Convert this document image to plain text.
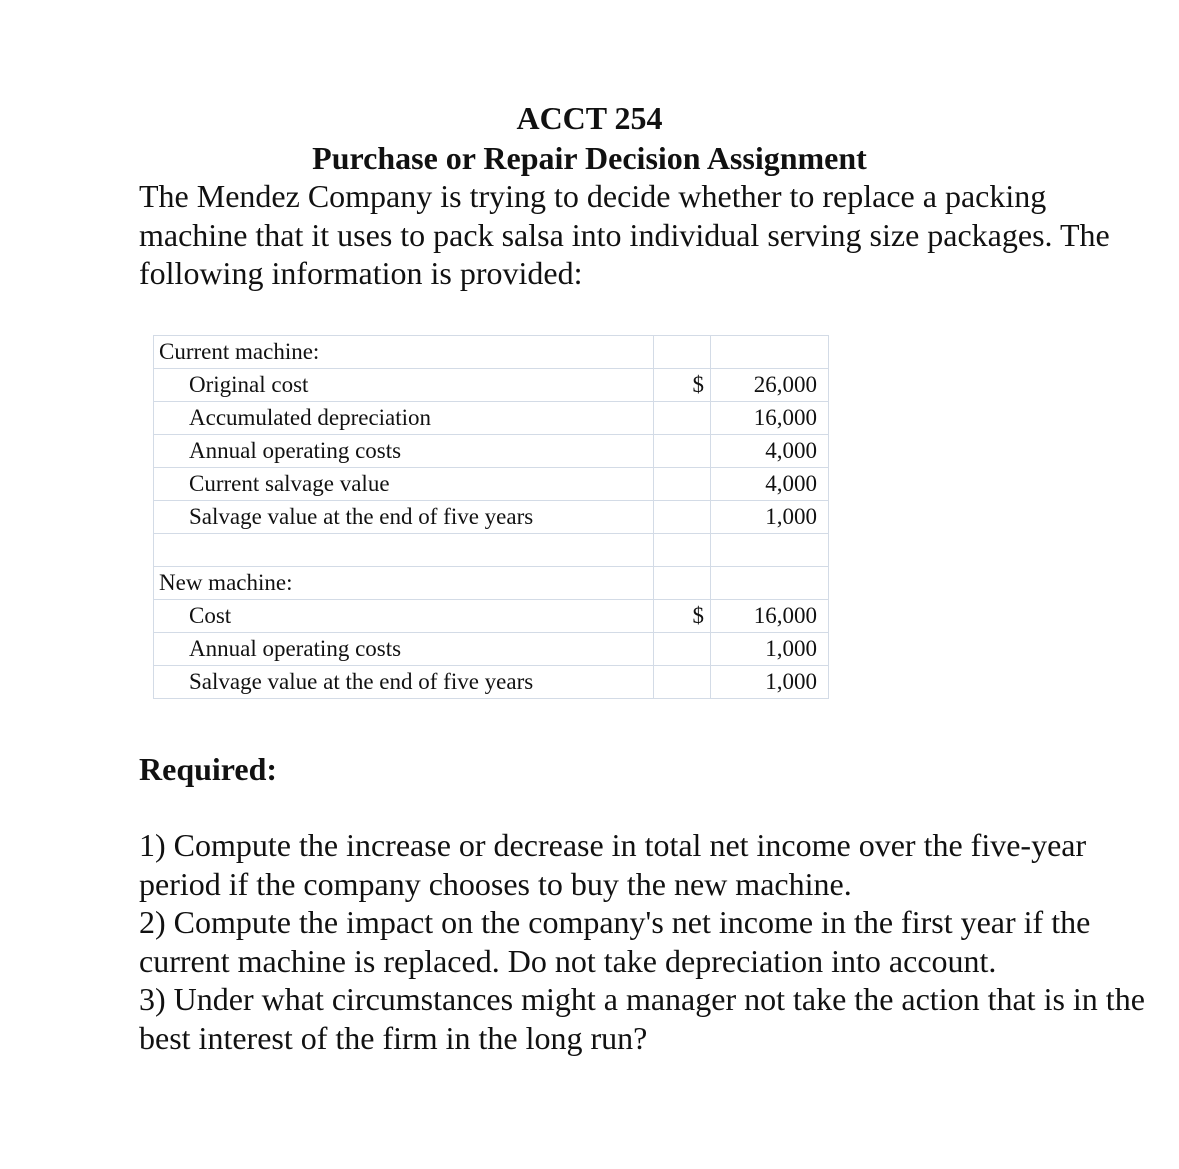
ACCT 254
Purchase or Repair Decision Assignment

The Mendez Company is trying to decide whether to replace a packing machine that it uses to pack salsa into individual serving size packages. The following information is provided:

Current machine:		
Original cost	$	26,000
Accumulated depreciation		16,000
Annual operating costs		4,000
Current salvage value		4,000
Salvage value at the end of five years		1,000

New machine:		
Cost	$	16,000
Annual operating costs		1,000
Salvage value at the end of five years		1,000
Required:
1) Compute the increase or decrease in total net income over the five-year period if the company chooses to buy the new machine.
2) Compute the impact on the company's net income in the first year if the current machine is replaced. Do not take depreciation into account.
3) Under what circumstances might a manager not take the action that is in the best interest of the firm in the long run?
